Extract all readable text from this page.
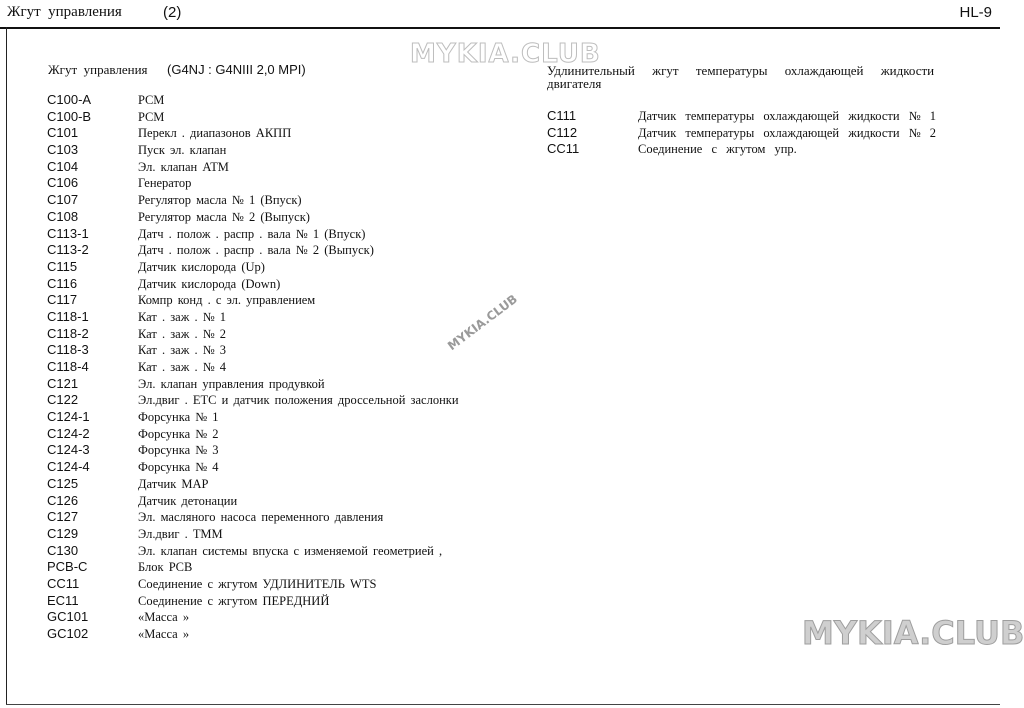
Жгут  управления	(2)	HL-9
MYKIA.CLUB
Жгут  управления (G4NJ : G4NIII 2,0 MPI)
C100-A	PCM
C100-B	PCM
C101	Перекл . диапазонов АКПП
C103	Пуск эл. клапан
C104	Эл. клапан АТМ
C106	Генератор
C107	Регулятор масла № 1 (Впуск)
C108	Регулятор масла № 2 (Выпуск)
C113-1	Датч . полож . распр . вала № 1 (Впуск)
C113-2	Датч . полож . распр . вала № 2 (Выпуск)
C115	Датчик кислорода (Up)
C116	Датчик кислорода (Down)
C117	Компр конд . с эл. управлением
C118-1	Кат . заж . № 1
C118-2	Кат . заж . № 2
C118-3	Кат . заж . № 3
C118-4	Кат . заж . № 4
C121	Эл. клапан управления продувкой
C122	Эл.двиг . ETC и датчик положения дроссельной заслонки
C124-1	Форсунка № 1
C124-2	Форсунка № 2
C124-3	Форсунка № 3
C124-4	Форсунка № 4
C125	Датчик MAP
C126	Датчик детонации
C127	Эл. масляного насоса переменного давления
C129	Эл.двиг . ТММ
C130	Эл. клапан системы впуска с изменяемой геометрией ,
PCB-C	Блок PCB
CC11	Соединение с жгутом УДЛИНИТЕЛЬ WTS
EC11	Соединение с жгутом ПЕРЕДНИЙ
GC101	«Масса »
GC102	«Масса »
Удлинительный жгут температуры охлаждающей жидкости двигателя
C111	Датчик температуры охлаждающей жидкости № 1
C112	Датчик температуры охлаждающей жидкости № 2
CC11	Соединение с жгутом упр.
MYKIA.CLUB
MYKIA.CLUB
